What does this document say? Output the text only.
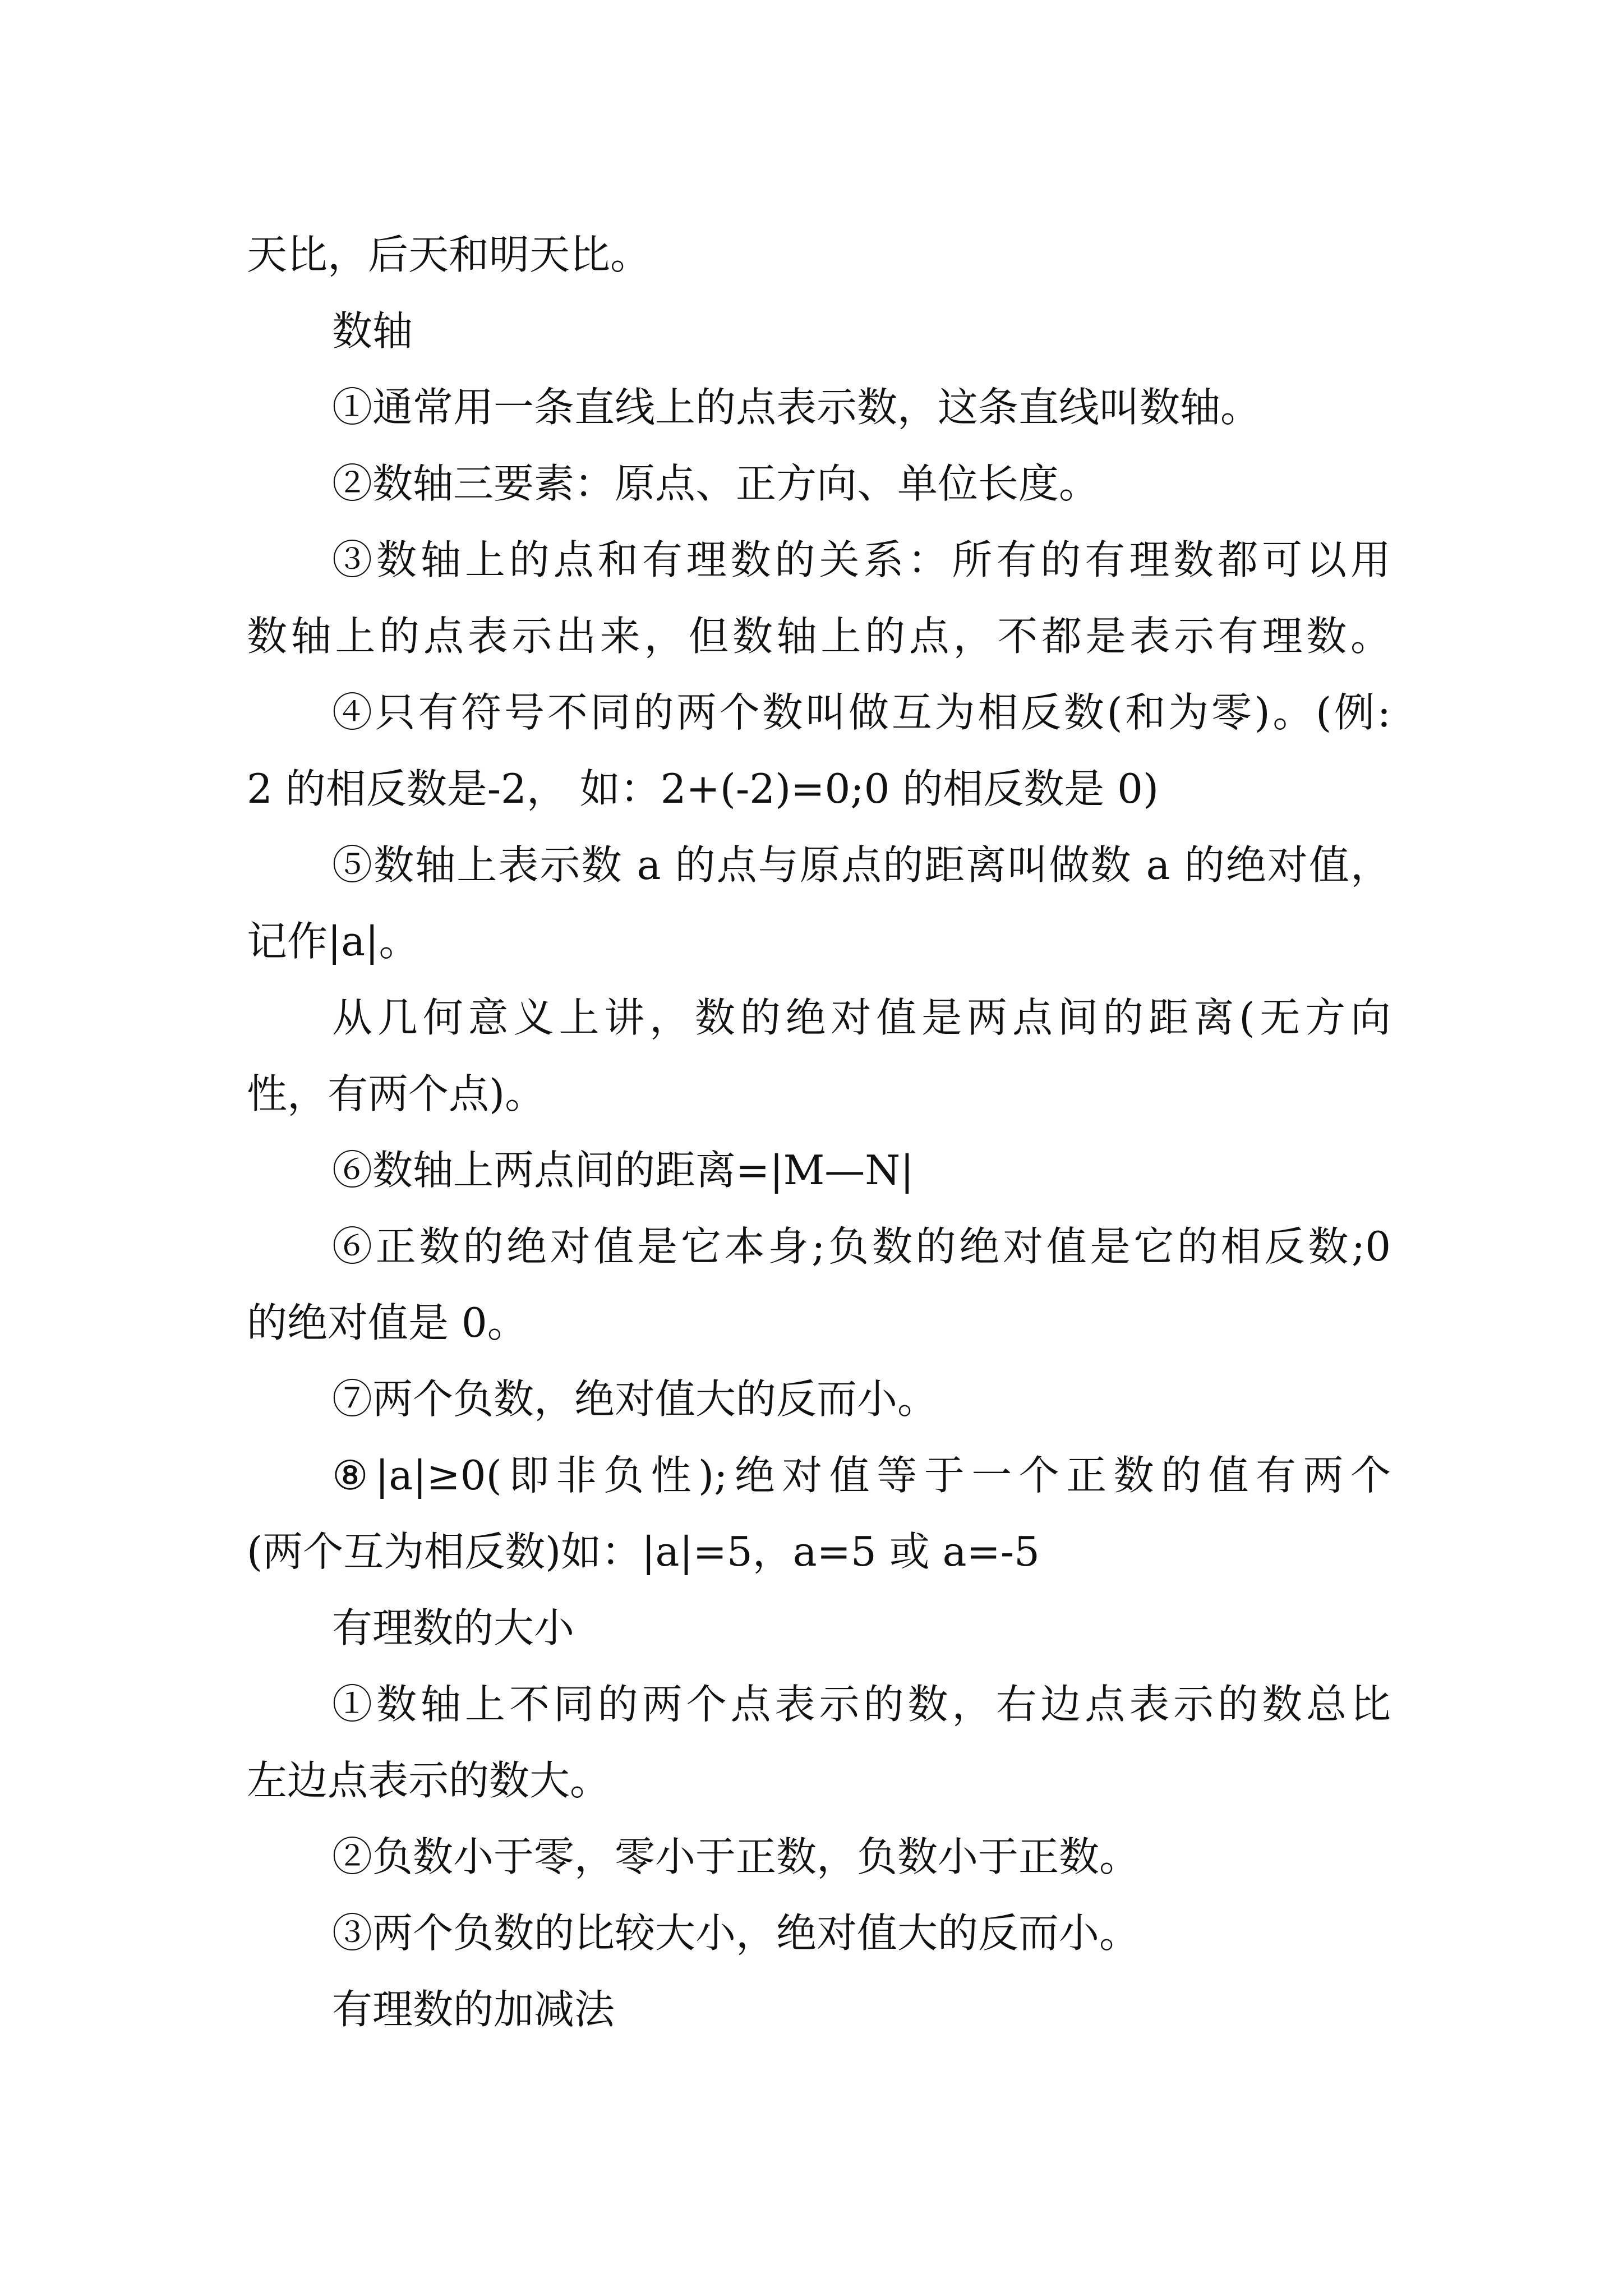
天比，后天和明天比。
数轴
①通常用一条直线上的点表示数，这条直线叫数轴。
②数轴三要素：原点、正方向、单位长度。
③数轴上的点和有理数的关系：所有的有理数都可以用
数轴上的点表示出来，但数轴上的点，不都是表示有理数。
④只有符号不同的两个数叫做互为相反数(和为零)。(例:
2 的相反数是-2， 如：2+(-2)=0;0 的相反数是 0)
⑤数轴上表示数 a 的点与原点的距离叫做数 a 的绝对值，
记作|a|。
从几何意义上讲，数的绝对值是两点间的距离(无方向
性，有两个点)。
⑥数轴上两点间的距离=|M—N|
⑥正数的绝对值是它本身;负数的绝对值是它的相反数;0
的绝对值是 0。
⑦两个负数，绝对值大的反而小。
⑧|a|≥0(即非负性);绝对值等于一个正数的值有两个
(两个互为相反数)如：|a|=5，a=5 或 a=-5
有理数的大小
①数轴上不同的两个点表示的数，右边点表示的数总比
左边点表示的数大。
②负数小于零，零小于正数，负数小于正数。
③两个负数的比较大小，绝对值大的反而小。
有理数的加减法
